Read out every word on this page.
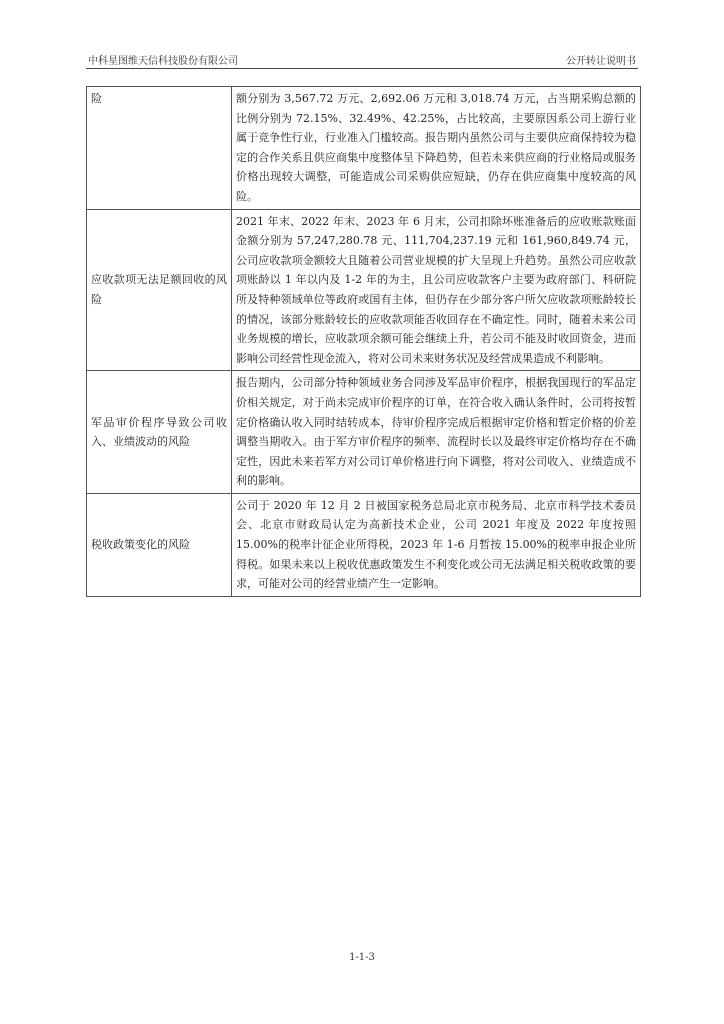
中科星图维天信科技股份有限公司	公开转让说明书
险	额分别为 3,567.72 万元、2,692.06 万元和 3,018.74 万元，占当期采购总额的比例分别为 72.15%、32.49%、42.25%，占比较高，主要原因系公司上游行业属于竞争性行业，行业准入门槛较高。报告期内虽然公司与主要供应商保持较为稳定的合作关系且供应商集中度整体呈下降趋势，但若未来供应商的行业格局或服务价格出现较大调整，可能造成公司采购供应短缺，仍存在供应商集中度较高的风险。
应收款项无法足额回收的风险	2021 年末、2022 年末、2023 年 6 月末，公司扣除坏账准备后的应收账款账面金额分别为 57,247,280.78 元、111,704,237.19 元和 161,960,849.74 元，公司应收款项金额较大且随着公司营业规模的扩大呈现上升趋势。虽然公司应收款项账龄以 1 年以内及 1-2 年的为主，且公司应收款客户主要为政府部门、科研院所及特种领域单位等政府或国有主体，但仍存在少部分客户所欠应收款项账龄较长的情况，该部分账龄较长的应收款项能否收回存在不确定性。同时，随着未来公司业务规模的增长，应收款项余额可能会继续上升，若公司不能及时收回资金，进而影响公司经营性现金流入，将对公司未来财务状况及经营成果造成不利影响。
军品审价程序导致公司收入、业绩波动的风险	报告期内，公司部分特种领域业务合同涉及军品审价程序，根据我国现行的军品定价相关规定，对于尚未完成审价程序的订单，在符合收入确认条件时，公司将按暂定价格确认收入同时结转成本，待审价程序完成后根据审定价格和暂定价格的价差调整当期收入。由于军方审价程序的频率、流程时长以及最终审定价格均存在不确定性，因此未来若军方对公司订单价格进行向下调整，将对公司收入、业绩造成不利的影响。
税收政策变化的风险	公司于 2020 年 12 月 2 日被国家税务总局北京市税务局、北京市科学技术委员会、北京市财政局认定为高新技术企业，公司 2021 年度及 2022 年度按照 15.00%的税率计征企业所得税，2023 年 1-6 月暂按 15.00%的税率申报企业所得税。如果未来以上税收优惠政策发生不利变化或公司无法满足相关税收政策的要求，可能对公司的经营业绩产生一定影响。
1-1-3
